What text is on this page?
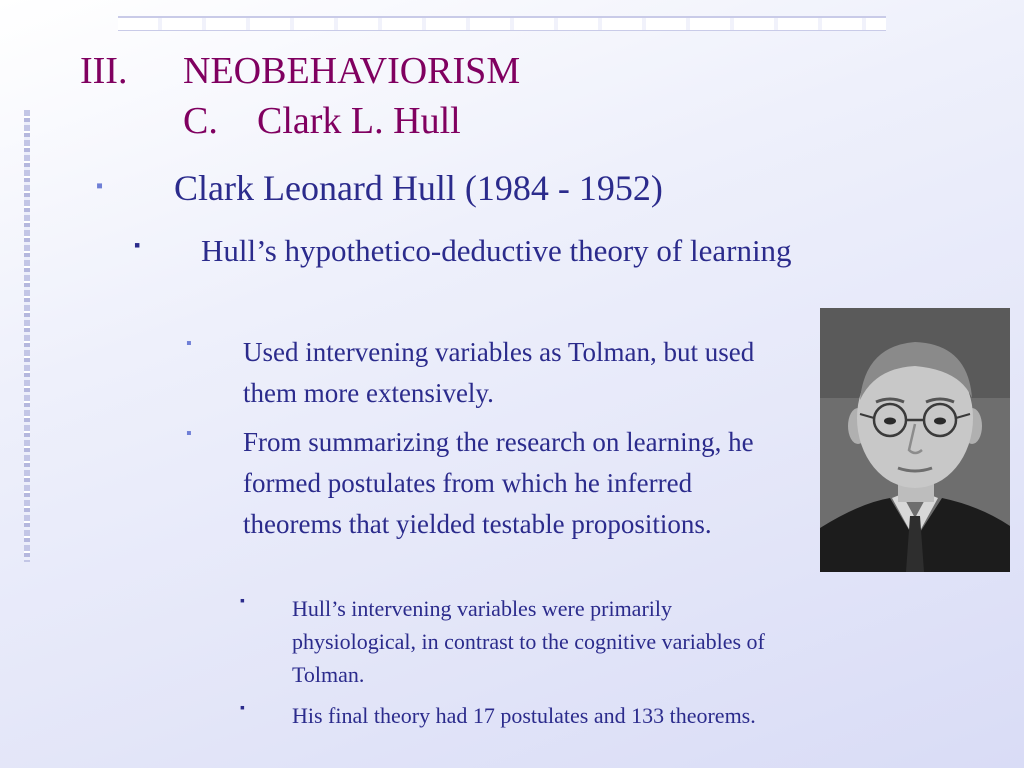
III. NEOBEHAVIORISM
C. Clark L. Hull
▪	Clark Leonard Hull (1984 - 1952)
▪	Hull’s hypothetico-deductive theory of learning
▪	Used intervening variables as Tolman, but used them more extensively.
▪	From summarizing the research on learning, he formed postulates from which he inferred theorems that yielded testable propositions.
▪	Hull’s intervening variables were primarily physiological, in contrast to the cognitive variables of Tolman.
▪	His final theory had 17 postulates and 133 theorems.
